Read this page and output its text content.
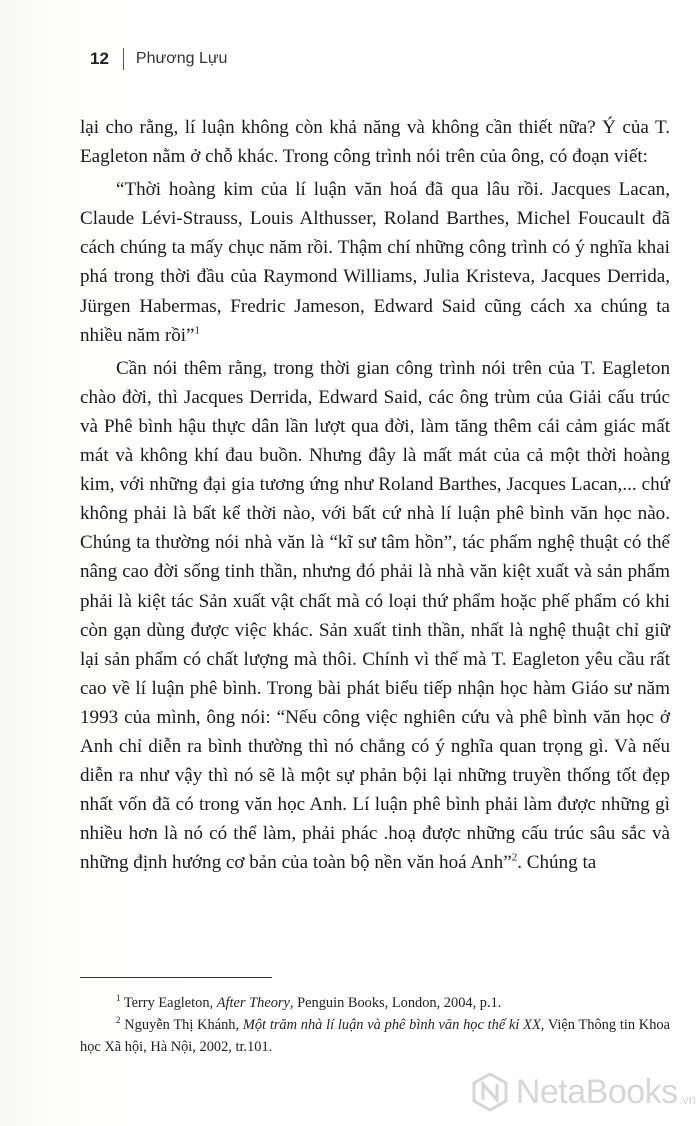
12 Phương Lựu

lại cho rằng, lí luận không còn khả năng và không cần thiết nữa? Ý của T. Eagleton nằm ở chỗ khác. Trong công trình nói trên của ông, có đoạn viết:

“Thời hoàng kim của lí luận văn hoá đã qua lâu rồi. Jacques Lacan, Claude Lévi-Strauss, Louis Althusser, Roland Barthes, Michel Foucault đã cách chúng ta mấy chục năm rồi. Thậm chí những công trình có ý nghĩa khai phá trong thời đầu của Raymond Williams, Julia Kristeva, Jacques Derrida, Jürgen Habermas, Fredric Jameson, Edward Said cũng cách xa chúng ta nhiều năm rồi”$^1$

Cần nói thêm rằng, trong thời gian công trình nói trên của T. Eagleton chào đời, thì Jacques Derrida, Edward Said, các ông trùm của Giải cấu trúc và Phê bình hậu thực dân lần lượt qua đời, làm tăng thêm cái cảm giác mất mát và không khí đau buồn. Nhưng đây là mất mát của cả một thời hoàng kim, với những đại gia tương ứng như Roland Barthes, Jacques Lacan,... chứ không phải là bất kể thời nào, với bất cứ nhà lí luận phê bình văn học nào. Chúng ta thường nói nhà văn là “kĩ sư tâm hồn”, tác phẩm nghệ thuật có thể nâng cao đời sống tinh thần, nhưng đó phải là nhà văn kiệt xuất và sản phẩm phải là kiệt tác Sản xuất vật chất mà có loại thứ phẩm hoặc phế phẩm có khi còn gạn dùng được việc khác. Sản xuất tinh thần, nhất là nghệ thuật chỉ giữ lại sản phẩm có chất lượng mà thôi. Chính vì thế mà T. Eagleton yêu cầu rất cao về lí luận phê bình. Trong bài phát biểu tiếp nhận học hàm Giáo sư năm 1993 của mình, ông nói: “Nếu công việc nghiên cứu và phê bình văn học ở Anh chỉ diễn ra bình thường thì nó chẳng có ý nghĩa quan trọng gì. Và nếu diễn ra như vậy thì nó sẽ là một sự phản bội lại những truyền thống tốt đẹp nhất vốn đã có trong văn học Anh. Lí luận phê bình phải làm được những gì nhiều hơn là nó có thể làm, phải phác .hoạ được những cấu trúc sâu sắc và những định hướng cơ bản của toàn bộ nền văn hoá Anh”$^2$. Chúng ta

$^1$ Terry Eagleton, After Theory, Penguin Books, London, 2004, p.1.

$^2$ Nguyễn Thị Khánh, Một trăm nhà lí luận và phê bình văn học thế kỉ XX, Viện Thông tin Khoa học Xã hội, Hà Nội, 2002, tr.101.

NetaBooks .vn
